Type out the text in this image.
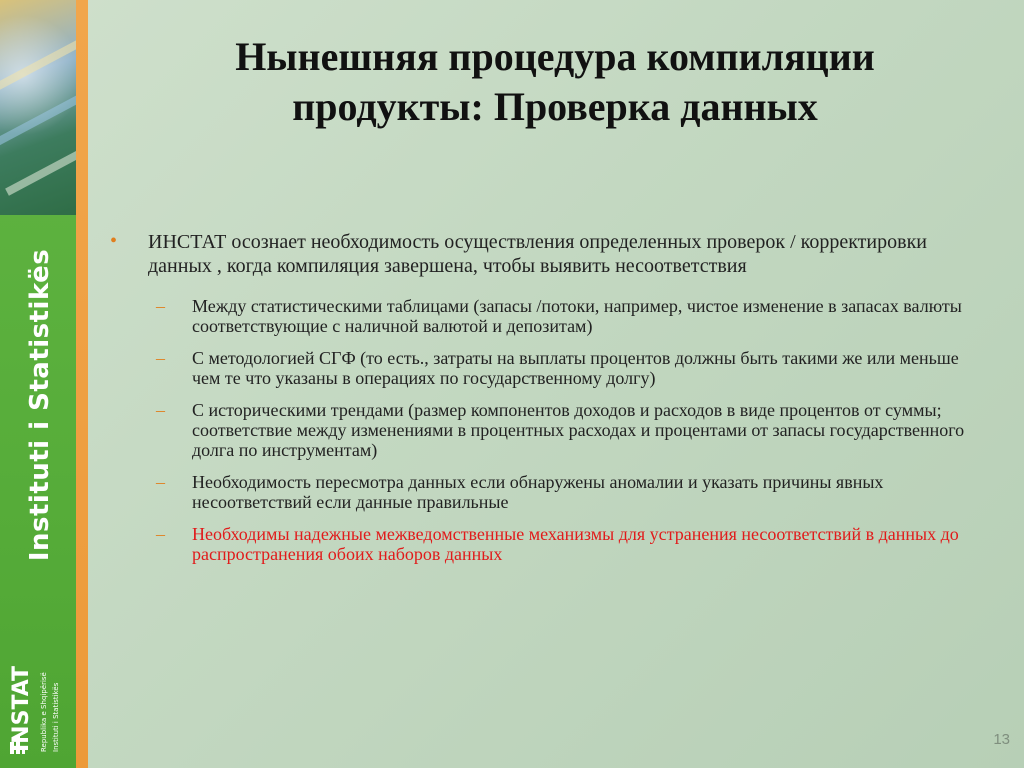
Instituti i Statistikës
INSTAT Republika e Shqipërisë Instituti i Statistikës
Нынешняя процедура компиляции
продукты: Проверка данных
• ИНСТАТ осознает необходимость осуществления определенных проверок / корректировки данных , когда компиляция завершена, чтобы выявить несоответствия
– Между статистическими таблицами (запасы /потоки, например, чистое изменение в запасах валюты соответствующие с наличной валютой и депозитам)
– С методологией СГФ (то есть., затраты на выплаты процентов должны быть такими же или меньше чем те что указаны в операциях по государственному долгу)
– С историческими трендами (размер компонентов доходов и расходов в виде процентов от суммы; соответствие между изменениями в процентных расходах и процентами от запасы государственного долга по инструментам)
– Необходимость пересмотра данных если обнаружены аномалии и указать причины явных несоответствий если данные правильные
– Необходимы надежные межведомственные механизмы для устранения несоответствий в данных до распространения обоих наборов данных
13
